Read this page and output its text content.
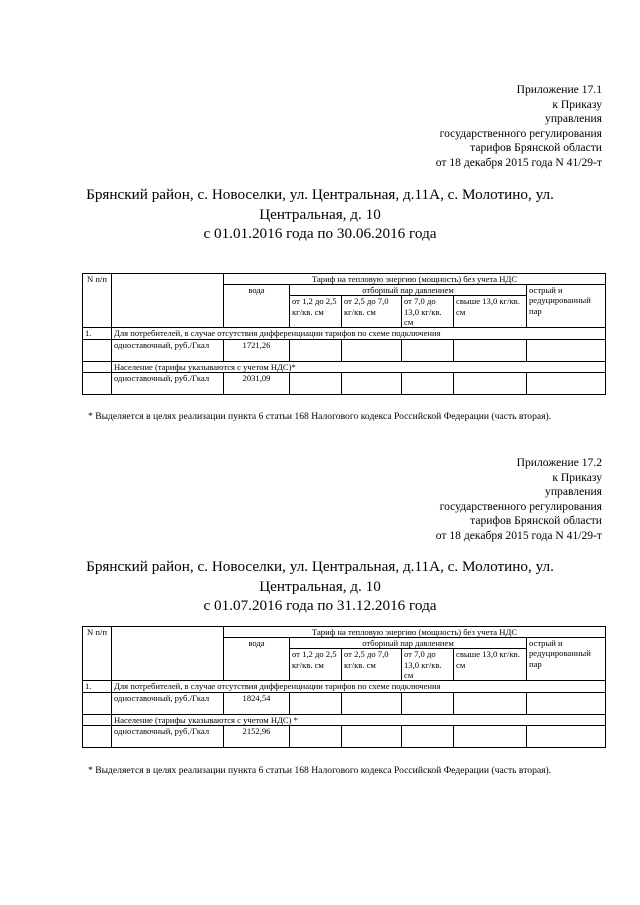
Приложение 17.1
к Приказу
управления
государственного регулирования
тарифов Брянской области
от 18 декабря 2015 года N 41/29-т
Брянский район, с. Новоселки, ул. Центральная, д.11А, с. Молотино, ул.
Центральная, д. 10
с 01.01.2016 года по 30.06.2016 года
N п/п		Тариф на тепловую энергию (мощность) без учета НДС					
		вода	отборный пар давлением				острый и редуцированный пар
			от 1,2 до 2,5 кг/кв. см	от 2,5 до 7,0 кг/кв. см	от 7,0 до 13,0 кг/кв. см	свыше 13,0 кг/кв. см	
1.	Для потребителей, в случае отсутствия дифференциации тарифов по схеме подключения						
	одноставочный, руб./Гкал	1721,26					
	Население (тарифы указываются с учетом НДС)*						
	одноставочный, руб./Гкал	2031,09					
* Выделяется в целях реализации пункта 6 статьи 168 Налогового кодекса Российской Федерации (часть вторая).
Приложение 17.2
к Приказу
управления
государственного регулирования
тарифов Брянской области
от 18 декабря 2015 года N 41/29-т
Брянский район, с. Новоселки, ул. Центральная, д.11А, с. Молотино, ул.
Центральная, д. 10
с 01.07.2016 года по 31.12.2016 года
N п/п		Тариф на тепловую энергию (мощность) без учета НДС					
		вода	отборный пар давлением				острый и редуцированный пар
			от 1,2 до 2,5 кг/кв. см	от 2,5 до 7,0 кг/кв. см	от 7,0 до 13,0 кг/кв. см	свыше 13,0 кг/кв. см	
1.	Для потребителей, в случае отсутствия дифференциации тарифов по схеме подключения						
	одноставочный, руб./Гкал	1824,54					
	Население (тарифы указываются с учетом НДС) *						
	одноставочный, руб./Гкал	2152,96					
* Выделяется в целях реализации пункта 6 статьи 168 Налогового кодекса Российской Федерации (часть вторая).
